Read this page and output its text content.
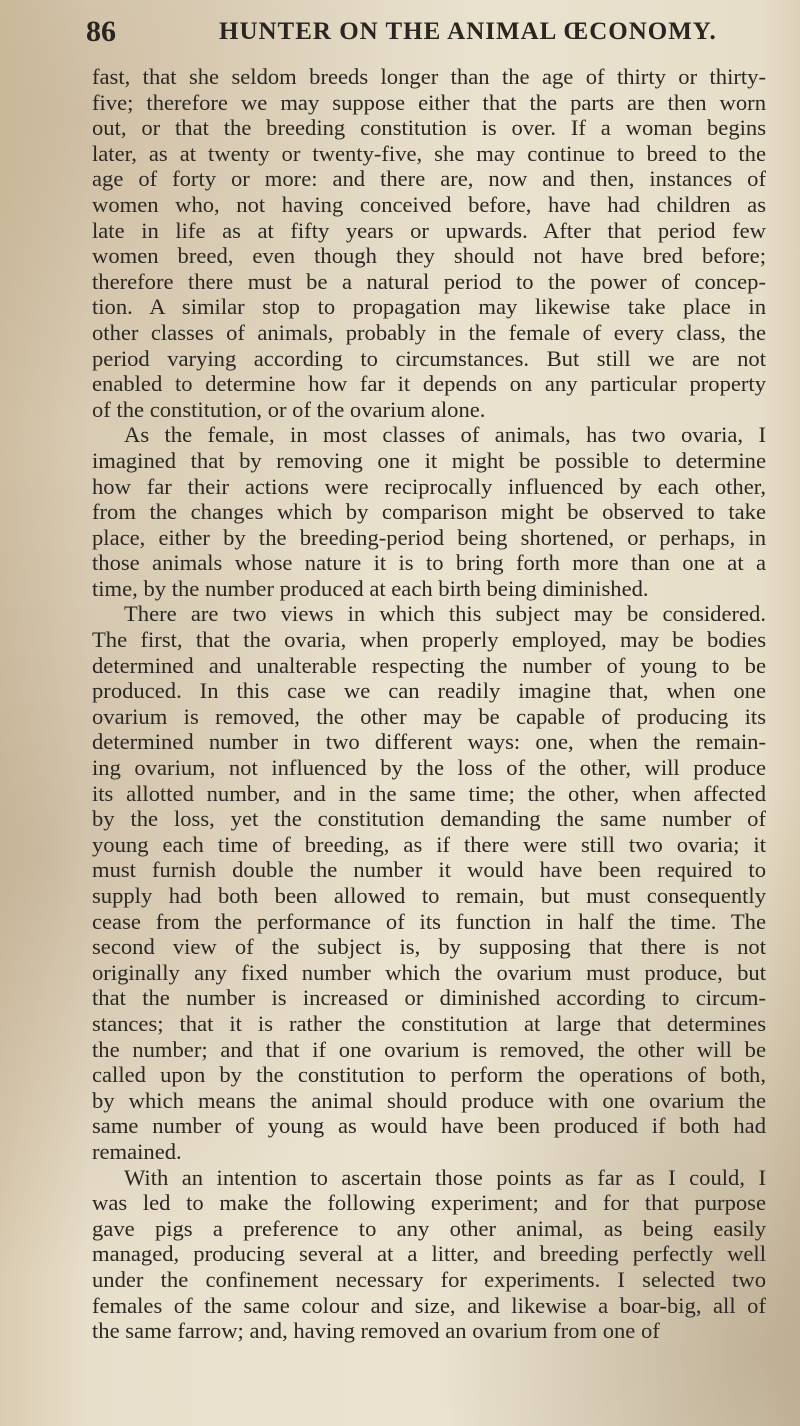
86	HUNTER ON THE ANIMAL ŒCONOMY.
fast, that she seldom breeds longer than the age of thirty or thirty-
five; therefore we may suppose either that the parts are then worn
out, or that the breeding constitution is over. If a woman begins
later, as at twenty or twenty-five, she may continue to breed to the
age of forty or more: and there are, now and then, instances of
women who, not having conceived before, have had children as
late in life as at fifty years or upwards. After that period few
women breed, even though they should not have bred before;
therefore there must be a natural period to the power of concep-
tion. A similar stop to propagation may likewise take place in
other classes of animals, probably in the female of every class, the
period varying according to circumstances. But still we are not
enabled to determine how far it depends on any particular property
of the constitution, or of the ovarium alone.
As the female, in most classes of animals, has two ovaria, I
imagined that by removing one it might be possible to determine
how far their actions were reciprocally influenced by each other,
from the changes which by comparison might be observed to take
place, either by the breeding-period being shortened, or perhaps, in
those animals whose nature it is to bring forth more than one at a
time, by the number produced at each birth being diminished.
There are two views in which this subject may be considered.
The first, that the ovaria, when properly employed, may be bodies
determined and unalterable respecting the number of young to be
produced. In this case we can readily imagine that, when one
ovarium is removed, the other may be capable of producing its
determined number in two different ways: one, when the remain-
ing ovarium, not influenced by the loss of the other, will produce
its allotted number, and in the same time; the other, when affected
by the loss, yet the constitution demanding the same number of
young each time of breeding, as if there were still two ovaria; it
must furnish double the number it would have been required to
supply had both been allowed to remain, but must consequently
cease from the performance of its function in half the time. The
second view of the subject is, by supposing that there is not
originally any fixed number which the ovarium must produce, but
that the number is increased or diminished according to circum-
stances; that it is rather the constitution at large that determines
the number; and that if one ovarium is removed, the other will be
called upon by the constitution to perform the operations of both,
by which means the animal should produce with one ovarium the
same number of young as would have been produced if both had
remained.
With an intention to ascertain those points as far as I could, I
was led to make the following experiment; and for that purpose
gave pigs a preference to any other animal, as being easily
managed, producing several at a litter, and breeding perfectly well
under the confinement necessary for experiments. I selected two
females of the same colour and size, and likewise a boar-big, all of
the same farrow; and, having removed an ovarium from one of
